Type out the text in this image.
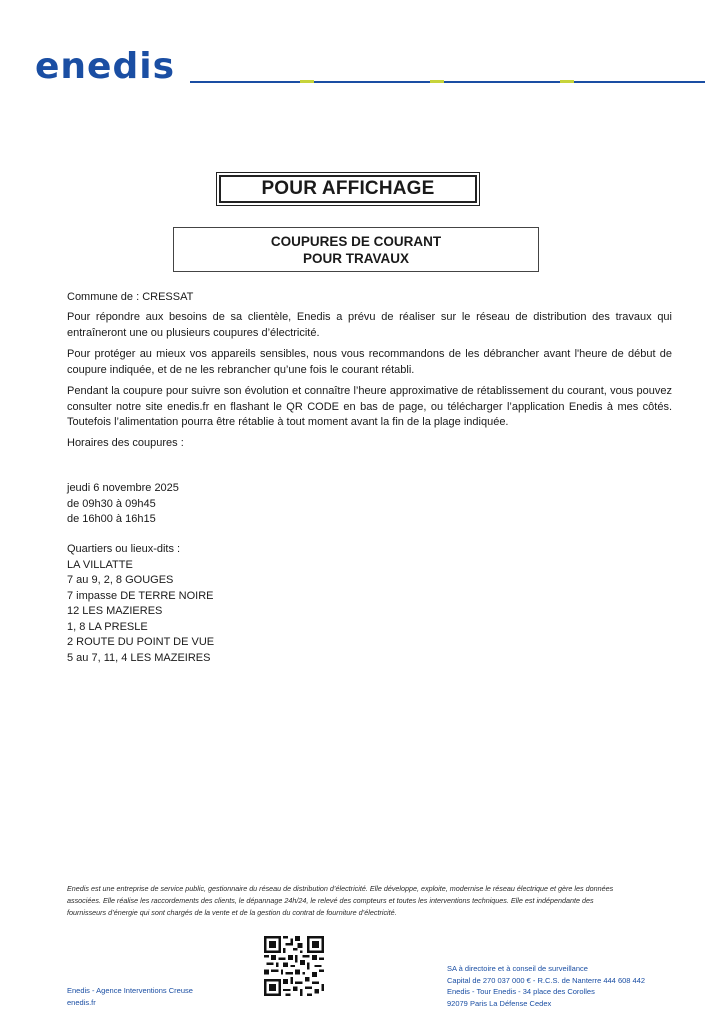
enedis
POUR AFFICHAGE
COUPURES DE COURANT
POUR TRAVAUX
Commune de : CRESSAT
Pour répondre aux besoins de sa clientèle, Enedis a prévu de réaliser sur le réseau de distribution des travaux qui entraîneront une ou plusieurs coupures d’électricité.
Pour protéger au mieux vos appareils sensibles, nous vous recommandons de les débrancher avant l'heure de début de coupure indiquée, et de ne les rebrancher qu’une fois le courant rétabli.
Pendant la coupure pour suivre son évolution et connaître l’heure approximative de rétablissement du courant, vous pouvez consulter notre site enedis.fr en flashant le QR CODE en bas de page, ou télécharger l’application Enedis à mes côtés. Toutefois l’alimentation pourra être rétablie à tout moment avant la fin de la plage indiquée.
Horaires des coupures :
jeudi 6 novembre 2025
de 09h30 à 09h45
de 16h00 à 16h15
Quartiers ou lieux-dits :
LA VILLATTE
7 au 9, 2, 8 GOUGES
7 impasse DE TERRE NOIRE
12 LES MAZIERES
1, 8 LA PRESLE
2 ROUTE DU POINT DE VUE
5 au 7, 11, 4 LES MAZEIRES
Enedis est une entreprise de service public, gestionnaire du réseau de distribution d’électricité. Elle développe, exploite, modernise le réseau électrique et gère les données
associées. Elle réalise les raccordements des clients, le dépannage 24h/24, le relevé des compteurs et toutes les interventions techniques. Elle est indépendante des
fournisseurs d’énergie qui sont chargés de la vente et de la gestion du contrat de fourniture d’électricité.
Enedis - Agence Interventions Creuse
enedis.fr
SA à directoire et à conseil de surveillance
Capital de 270 037 000 € - R.C.S. de Nanterre 444 608 442
Enedis - Tour Enedis - 34 place des Corolles
92079 Paris La Défense Cedex
